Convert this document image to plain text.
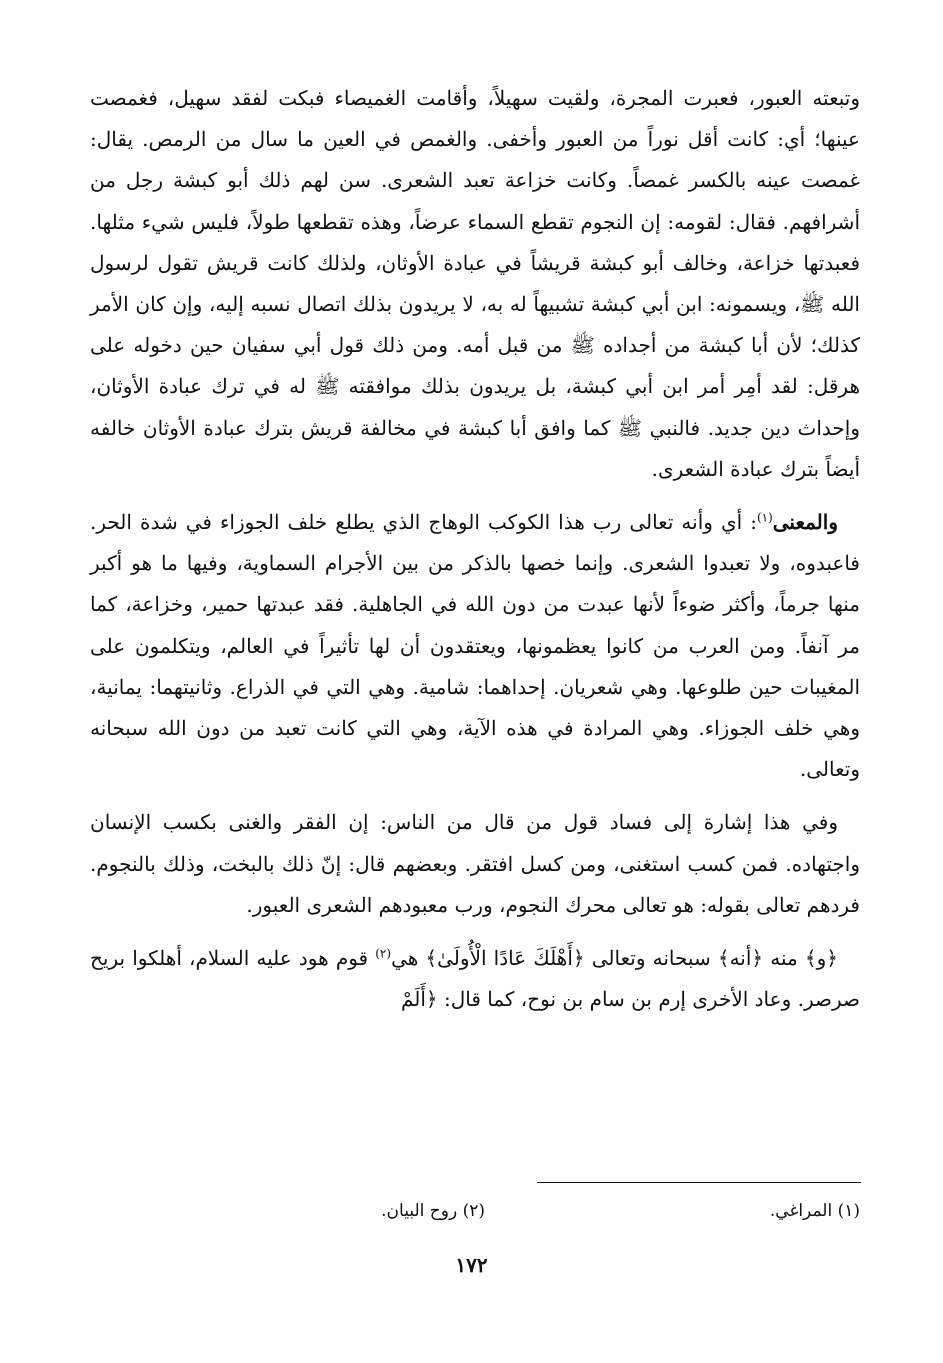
وتبعته العبور، فعبرت المجرة، ولقيت سهيلاً، وأقامت الغميصاء فبكت لفقد سهيل، فغمصت عينها؛ أي: كانت أقل نوراً من العبور وأخفى. والغمص في العين ما سال من الرمص. يقال: غمصت عينه بالكسر غمصاً. وكانت خزاعة تعبد الشعرى. سن لهم ذلك أبو كبشة رجل من أشرافهم. فقال: لقومه: إن النجوم تقطع السماء عرضاً، وهذه تقطعها طولاً، فليس شيء مثلها. فعبدتها خزاعة، وخالف أبو كبشة قريشاً في عبادة الأوثان، ولذلك كانت قريش تقول لرسول الله ﷺ، ويسمونه: ابن أبي كبشة تشبيهاً له به، لا يريدون بذلك اتصال نسبه إليه، وإن كان الأمر كذلك؛ لأن أبا كبشة من أجداده ﷺ من قبل أمه. ومن ذلك قول أبي سفيان حين دخوله على هرقل: لقد أمِر أمر ابن أبي كبشة، بل يريدون بذلك موافقته ﷺ له في ترك عبادة الأوثان، وإحداث دين جديد. فالنبي ﷺ كما وافق أبا كبشة في مخالفة قريش بترك عبادة الأوثان خالفه أيضاً بترك عبادة الشعرى.

والمعنى$^{(١)}$: أي وأنه تعالى رب هذا الكوكب الوهاج الذي يطلع خلف الجوزاء في شدة الحر. فاعبدوه، ولا تعبدوا الشعرى. وإنما خصها بالذكر من بين الأجرام السماوية، وفيها ما هو أكبر منها جرماً، وأكثر ضوءاً لأنها عبدت من دون الله في الجاهلية. فقد عبدتها حمير، وخزاعة، كما مر آنفاً. ومن العرب من كانوا يعظمونها، ويعتقدون أن لها تأثيراً في العالم، ويتكلمون على المغيبات حين طلوعها. وهي شعريان. إحداهما: شامية. وهي التي في الذراع. وثانيتهما: يمانية، وهي خلف الجوزاء. وهي المرادة في هذه الآية، وهي التي كانت تعبد من دون الله سبحانه وتعالى.

وفي هذا إشارة إلى فساد قول من قال من الناس: إن الفقر والغنى بكسب الإنسان واجتهاده. فمن كسب استغنى، ومن كسل افتقر. وبعضهم قال: إنّ ذلك بالبخت، وذلك بالنجوم. فردهم تعالى بقوله: هو تعالى محرك النجوم، ورب معبودهم الشعرى العبور.

﴿و﴾ منه ﴿أنه﴾ سبحانه وتعالى ﴿أَهْلَكَ عَادًا الْأُولَىٰ﴾ هي$^{(٢)}$ قوم هود عليه السلام، أهلكوا بريح صرصر. وعاد الأخرى إرم بن سام بن نوح، كما قال: ﴿أَلَمْ

(١) المراغي.
(٢) روح البيان.
١٧٢
